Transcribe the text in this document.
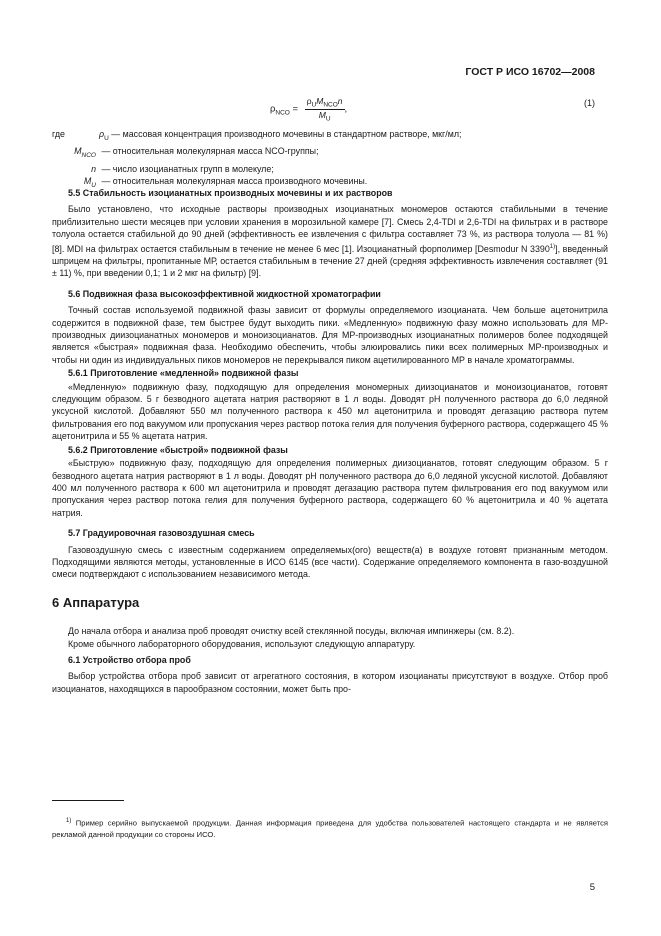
ГОСТ Р ИСО 16702—2008
$\rho_{NCO} = \frac{\rho_UM_{NCO}n}{M_U}$ ,
(1)
где	$\rho_U$ — массовая концентрация производного мочевины в стандартном растворе, мкг/мл;
$M_{NCO}$ — относительная молекулярная масса NCO-группы;
n — число изоцианатных групп в молекуле;
$M_U$ — относительная молекулярная масса производного мочевины.
5.5 Стабильность изоцианатных производных мочевины и их растворов

Было установлено, что исходные растворы производных изоцианатных мономеров остаются стабильными в течение приблизительно шести месяцев при условии хранения в морозильной камере [7]. Смесь 2,4-TDI и 2,6-TDI на фильтрах и в растворе толуола остается стабильной до 90 дней (эффективность ее извлечения с фильтра составляет 73 %, из раствора толуола — 81 %) [8]. MDI на фильтрах остается стабильным в течение не менее 6 мес [1]. Изоцианатный форполимер [Desmodur N 3390$^{1)}$], введенный шприцем на фильтры, пропитанные МР, остается стабильным в течение 27 дней (средняя эффективность извлечения составляет (91 ± 11) %, при введении 0,1; 1 и 2 мкг на фильтр) [9].

5.6 Подвижная фаза высокоэффективной жидкостной хроматографии

Точный состав используемой подвижной фазы зависит от формулы определяемого изоцианата. Чем больше ацетонитрила содержится в подвижной фазе, тем быстрее будут выходить пики. «Медленную» подвижную фазу можно использовать для МР-производных диизоцианатных мономеров и моноизоцианатов. Для МР-производных изоцианатных полимеров более подходящей является «быстрая» подвижная фаза. Необходимо обеспечить, чтобы элюировались пики всех полимерных МР-производных и чтобы ни один из индивидуальных пиков мономеров не перекрывался пиком ацетилированного МР в начале хроматограммы.

5.6.1 Приготовление «медленной» подвижной фазы

«Медленную» подвижную фазу, подходящую для определения мономерных диизоцианатов и моноизоцианатов, готовят следующим образом. 5 г безводного ацетата натрия растворяют в 1 л воды. Доводят рН полученного раствора до 6,0 ледяной уксусной кислотой. Добавляют 550 мл полученного раствора к 450 мл ацетонитрила и проводят дегазацию раствора путем фильтрования его под вакуумом или пропускания через раствор потока гелия для получения буферного раствора, содержащего 45 % ацетонитрила и 55 % ацетата натрия.

5.6.2 Приготовление «быстрой» подвижной фазы

«Быструю» подвижную фазу, подходящую для определения полимерных диизоцианатов, готовят следующим образом. 5 г безводного ацетата натрия растворяют в 1 л воды. Доводят рН полученного раствора до 6,0 ледяной уксусной кислотой. Добавляют 400 мл полученного раствора к 600 мл ацетонитрила и проводят дегазацию раствора путем фильтрования его под вакуумом или пропускания через раствор потока гелия для получения буферного раствора, содержащего 60 % ацетонитрила и 40 % ацетата натрия.

5.7 Градуировочная газовоздушная смесь

Газовоздушную смесь с известным содержанием определяемых(ого) веществ(а) в воздухе готовят признанным методом. Подходящими являются методы, установленные в ИСО 6145 (все части). Содержание определяемого компонента в газо-воздушной смеси подтверждают с использованием независимого метода.

6 Аппаратура

До начала отбора и анализа проб проводят очистку всей стеклянной посуды, включая импинжеры (см. 8.2).

Кроме обычного лабораторного оборудования, используют следующую аппаратуру.

6.1 Устройство отбора проб

Выбор устройства отбора проб зависит от агрегатного состояния, в котором изоцианаты присутствуют в воздухе. Отбор проб изоцианатов, находящихся в парообразном состоянии, может быть про-

$^{1)}$ Пример серийно выпускаемой продукции. Данная информация приведена для удобства пользователей настоящего стандарта и не является рекламой данной продукции со стороны ИСО.
5
